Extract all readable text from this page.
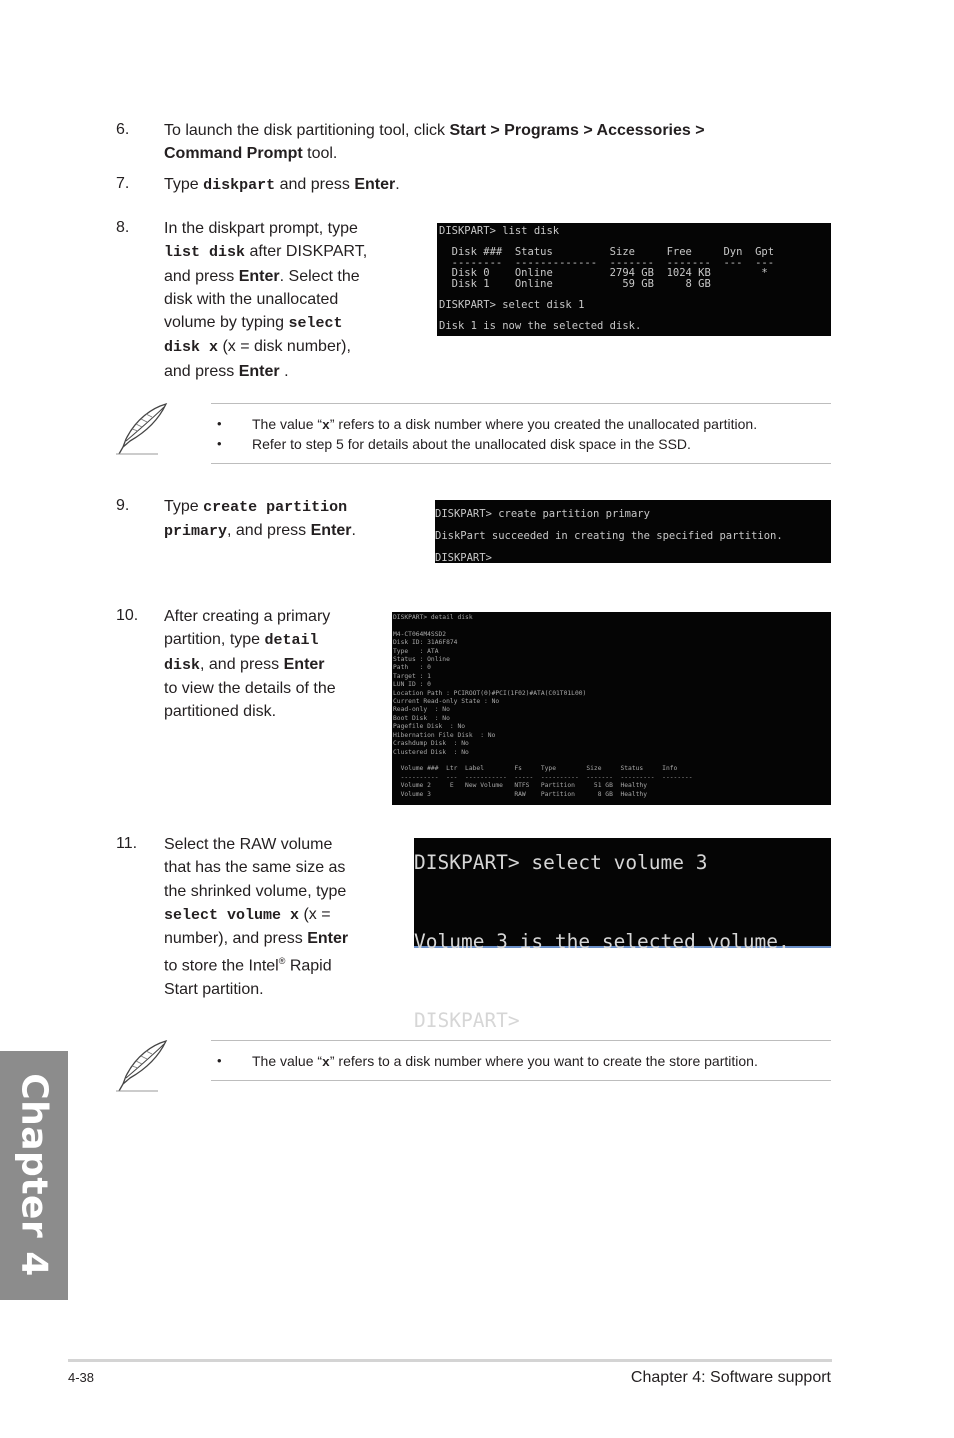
6. To launch the disk partitioning tool, click Start > Programs > Accessories >
Command Prompt tool.
7. Type diskpart and press Enter.
8. In the diskpart prompt, type
list disk after DISKPART,
and press Enter. Select the
disk with the unallocated
volume by typing select
disk x (x = disk number),
and press Enter .
DISKPART> list disk

Disk ###  Status         Size     Free     Dyn  Gpt
--------  -------------  -------  -------  ---  ---
Disk 0    Online         2794 GB  1024 KB        *
Disk 1    Online           59 GB     8 GB

DISKPART> select disk 1

Disk 1 is now the selected disk.
• The value “x” refers to a disk number where you created the unallocated partition.
• Refer to step 5 for details about the unallocated disk space in the SSD.
9. Type create partition
primary, and press Enter.
DISKPART> create partition primary

DiskPart succeeded in creating the specified partition.

DISKPART>
10. After creating a primary
partition, type detail
disk, and press Enter
to view the details of the
partitioned disk.
DISKPART> detail disk

M4-CT064M4SSD2
Disk ID: 31A6F874
Type   : ATA
Status : Online
Path   : 0
Target : 1
LUN ID : 0
Location Path : PCIROOT(0)#PCI(1F02)#ATA(C01T01L00)
Current Read-only State : No
Read-only  : No
Boot Disk  : No
Pagefile Disk  : No
Hibernation File Disk  : No
Crashdump Disk  : No
Clustered Disk  : No

Volume ###  Ltr  Label        Fs     Type        Size     Status     Info
----------  ---  -----------  -----  ----------  -------  ---------  --------
Volume 2     E   New Volume   NTFS   Partition     51 GB  Healthy
Volume 3                      RAW    Partition      8 GB  Healthy
11. Select the RAW volume
that has the same size as
the shrinked volume, type
select volume x (x =
number), and press Enter
to store the Intel® Rapid
Start partition.
DISKPART> select volume 3

Volume 3 is the selected volume.

DISKPART>
• The value “x” refers to a disk number where you want to create the store partition.
Chapter 4
4-38	Chapter 4: Software support
